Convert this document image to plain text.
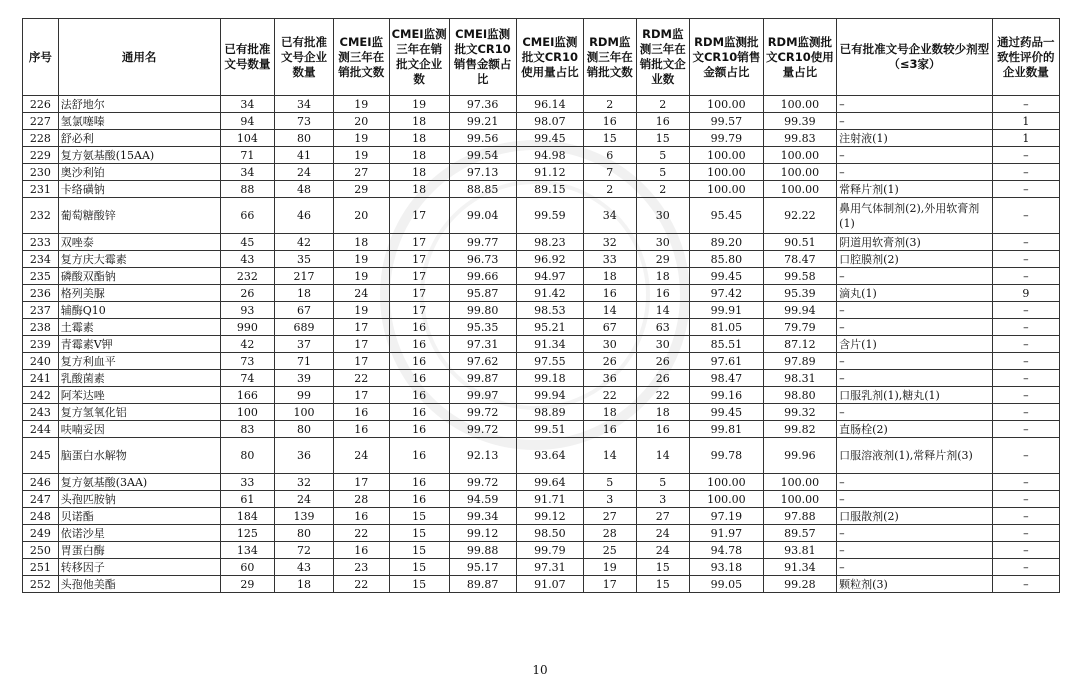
序号	通用名	已有批准文号数量	已有批准文号企业数量	CMEI监测三年在销批文数	CMEI监测三年在销批文企业数	CMEI监测批文CR10销售金额占比	CMEI监测批文CR10使用量占比	RDM监测三年在销批文数	RDM监测三年在销批文企业数	RDM监测批文CR10销售金额占比	RDM监测批文CR10使用量占比	已有批准文号企业数较少剂型（≤3家）	通过药品一致性评价的企业数量
226	法舒地尔	34	34	19	19	97.36	96.14	2	2	100.00	100.00	–	–
227	氢氯噻嗪	94	73	20	18	99.21	98.07	16	16	99.57	99.39	–	1
228	舒必利	104	80	19	18	99.56	99.45	15	15	99.79	99.83	注射液(1)	1
229	复方氨基酸(15AA)	71	41	19	18	99.54	94.98	6	5	100.00	100.00	–	–
230	奥沙利铂	34	24	27	18	97.13	91.12	7	5	100.00	100.00	–	–
231	卡络磺钠	88	48	29	18	88.85	89.15	2	2	100.00	100.00	常释片剂(1)	–
232	葡萄糖酸锌	66	46	20	17	99.04	99.59	34	30	95.45	92.22	鼻用气体制剂(2),外用软膏剂(1)	–
233	双唑泰	45	42	18	17	99.77	98.23	32	30	89.20	90.51	阴道用软膏剂(3)	–
234	复方庆大霉素	43	35	19	17	96.73	96.92	33	29	85.80	78.47	口腔膜剂(2)	–
235	磷酸双酯钠	232	217	19	17	99.66	94.97	18	18	99.45	99.58	–	–
236	格列美脲	26	18	24	17	95.87	91.42	16	16	97.42	95.39	滴丸(1)	9
237	辅酶Q10	93	67	19	17	99.80	98.53	14	14	99.91	99.94	–	–
238	土霉素	990	689	17	16	95.35	95.21	67	63	81.05	79.79	–	–
239	青霉素V钾	42	37	17	16	97.31	91.34	30	30	85.51	87.12	含片(1)	–
240	复方利血平	73	71	17	16	97.62	97.55	26	26	97.61	97.89	–	–
241	乳酸菌素	74	39	22	16	99.87	99.18	36	26	98.47	98.31	–	–
242	阿苯达唑	166	99	17	16	99.97	99.94	22	22	99.16	98.80	口服乳剂(1),糖丸(1)	–
243	复方氢氧化铝	100	100	16	16	99.72	98.89	18	18	99.45	99.32	–	–
244	呋喃妥因	83	80	16	16	99.72	99.51	16	16	99.81	99.82	直肠栓(2)	–
245	脑蛋白水解物	80	36	24	16	92.13	93.64	14	14	99.78	99.96	口服溶液剂(1),常释片剂(3)	–
246	复方氨基酸(3AA)	33	32	17	16	99.72	99.64	5	5	100.00	100.00	–	–
247	头孢匹胺钠	61	24	28	16	94.59	91.71	3	3	100.00	100.00	–	–
248	贝诺酯	184	139	16	15	99.34	99.12	27	27	97.19	97.88	口服散剂(2)	–
249	依诺沙星	125	80	22	15	99.12	98.50	28	24	91.97	89.57	–	–
250	胃蛋白酶	134	72	16	15	99.88	99.79	25	24	94.78	93.81	–	–
251	转移因子	60	43	23	15	95.17	97.31	19	15	93.18	91.34	–	–
252	头孢他美酯	29	18	22	15	89.87	91.07	17	15	99.05	99.28	颗粒剂(3)	–
10
